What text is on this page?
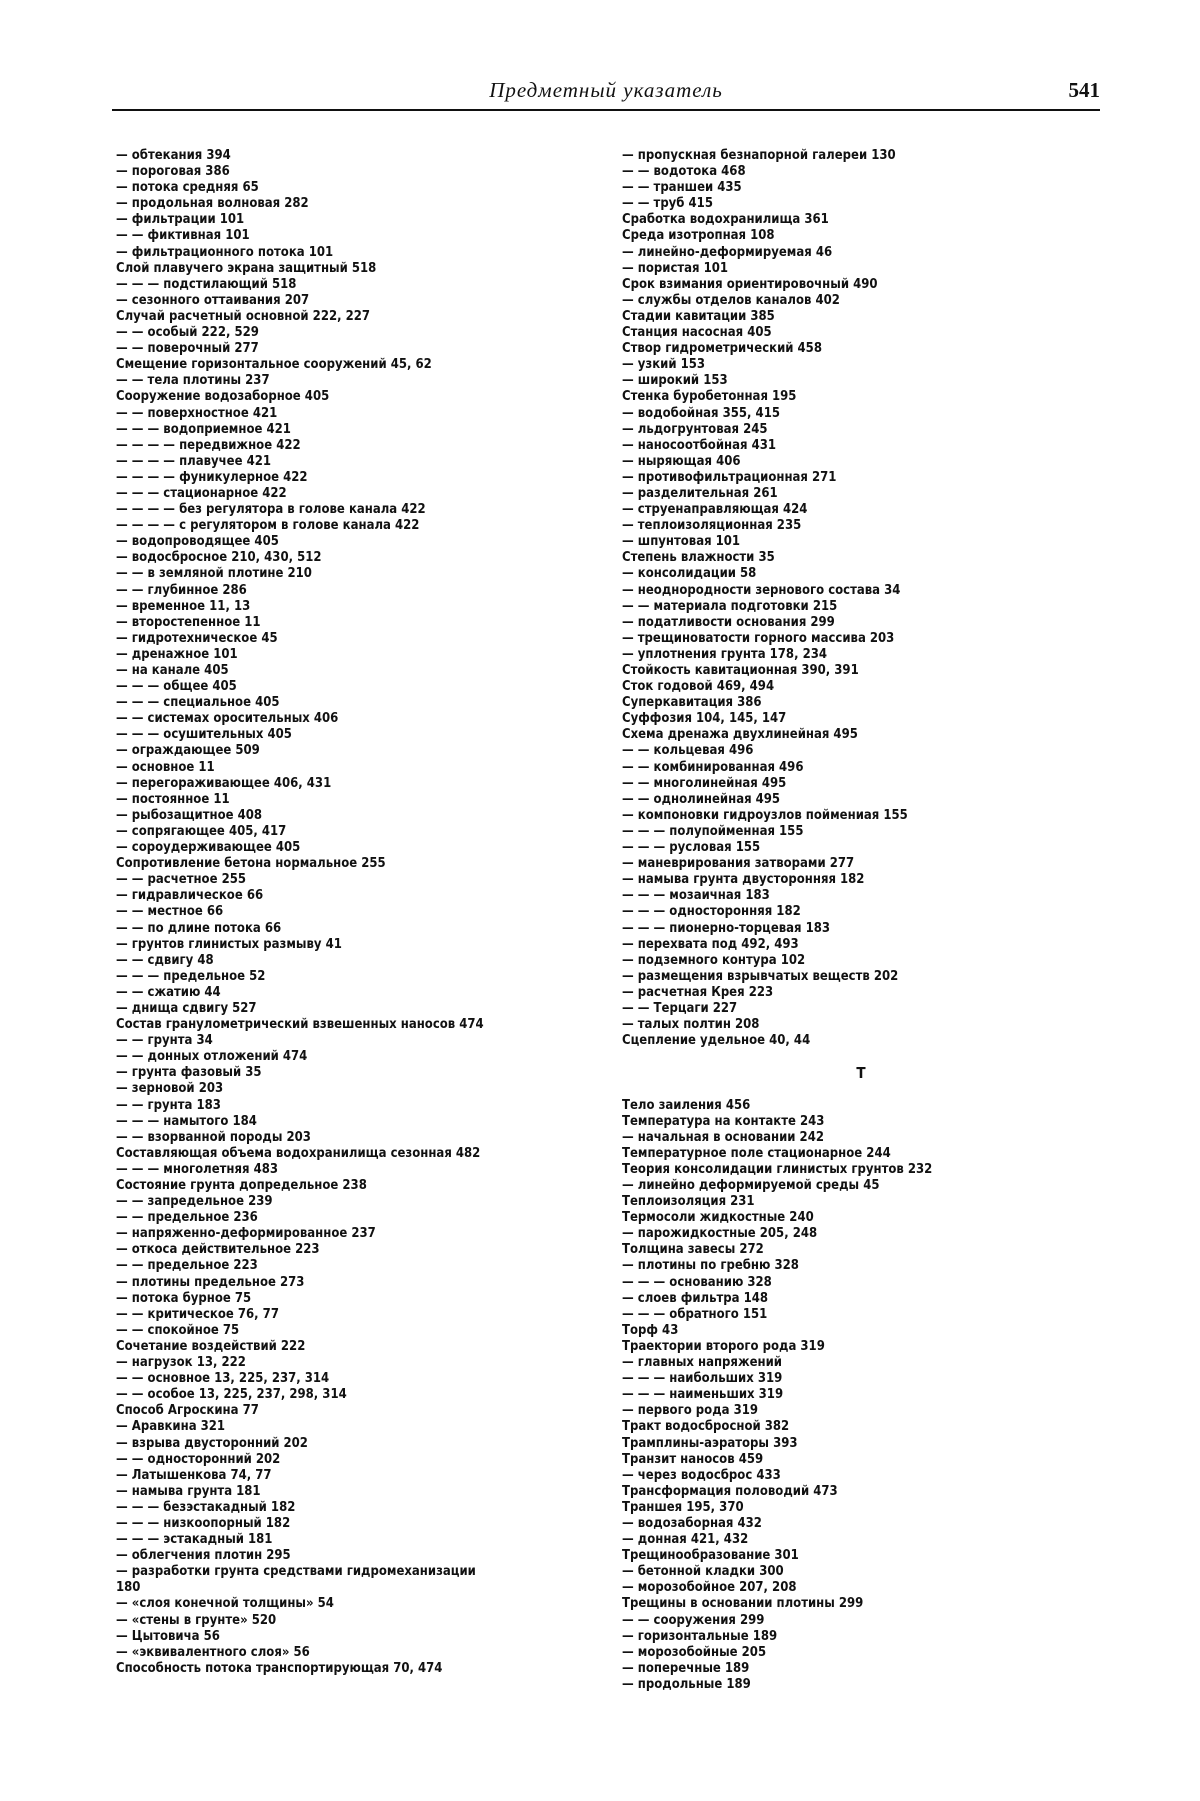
Предметный указатель	541
— обтекания 394
— пороговая 386
— потока средняя 65
— продольная волновая 282
— фильтрации 101
— — фиктивная 101
— фильтрационного потока 101
Слой плавучего экрана защитный 518
— — — подстилающий 518
— сезонного оттаивания 207
Случай расчетный основной 222, 227
— — особый 222, 529
— — поверочный 277
Смещение горизонтальное сооружений 45, 62
— — тела плотины 237
Сооружение водозаборное 405
— — поверхностное 421
— — — водоприемное 421
— — — — передвижное 422
— — — — плавучее 421
— — — — фуникулерное 422
— — — стационарное 422
— — — — без регулятора в голове канала 422
— — — — с регулятором в голове канала 422
— водопроводящее 405
— водосбросное 210, 430, 512
— — в земляной плотине 210
— — глубинное 286
— временное 11, 13
— второстепенное 11
— гидротехническое 45
— дренажное 101
— на канале 405
— — — общее 405
— — — специальное 405
— — системах оросительных 406
— — — осушительных 405
— ограждающее 509
— основное 11
— перегораживающее 406, 431
— постоянное 11
— рыбозащитное 408
— сопрягающее 405, 417
— сороудерживающее 405
Сопротивление бетона нормальное 255
— — расчетное 255
— гидравлическое 66
— — местное 66
— — по длине потока 66
— грунтов глинистых размыву 41
— — сдвигу 48
— — — предельное 52
— — сжатию 44
— днища сдвигу 527
Состав гранулометрический взвешенных наносов 474
— — грунта 34
— — донных отложений 474
— грунта фазовый 35
— зерновой 203
— — грунта 183
— — — намытого 184
— — взорванной породы 203
Составляющая объема водохранилища сезонная 482
— — — многолетняя 483
Состояние грунта допредельное 238
— — запредельное 239
— — предельное 236
— напряженно-деформированное 237
— откоса действительное 223
— — предельное 223
— плотины предельное 273
— потока бурное 75
— — критическое 76, 77
— — спокойное 75
Сочетание воздействий 222
— нагрузок 13, 222
— — основное 13, 225, 237, 314
— — особое 13, 225, 237, 298, 314
Способ Агроскина 77
— Аравкина 321
— взрыва двусторонний 202
— — односторонний 202
— Латышенкова 74, 77
— намыва грунта 181
— — — безэстакадный 182
— — — низкоопорный 182
— — — эстакадный 181
— облегчения плотин 295
— разработки грунта средствами гидромеханизации
180
— «слоя конечной толщины» 54
— «стены в грунте» 520
— Цытовича 56
— «эквивалентного слоя» 56
Способность потока транспортирующая 70, 474
— пропускная безнапорной галереи 130
— — водотока 468
— — траншеи 435
— — труб 415
Сработка водохранилища 361
Среда изотропная 108
— линейно-деформируемая 46
— пористая 101
Срок взимания ориентировочный 490
— службы отделов каналов 402
Стадии кавитации 385
Станция насосная 405
Створ гидрометрический 458
— узкий 153
— широкий 153
Стенка буробетонная 195
— водобойная 355, 415
— льдогрунтовая 245
— наносоотбойная 431
— ныряющая 406
— противофильтрационная 271
— разделительная 261
— струенаправляющая 424
— теплоизоляционная 235
— шпунтовая 101
Степень влажности 35
— консолидации 58
— неоднородности зернового состава 34
— — материала подготовки 215
— податливости основания 299
— трещиноватости горного массива 203
— уплотнения грунта 178, 234
Стойкость кавитационная 390, 391
Сток годовой 469, 494
Суперкавитация 386
Суффозия 104, 145, 147
Схема дренажа двухлинейная 495
— — кольцевая 496
— — комбинированная 496
— — многолинейная 495
— — однолинейная 495
— компоновки гидроузлов поймениая 155
— — — полупойменная 155
— — — русловая 155
— маневрирования затворами 277
— намыва грунта двусторонняя 182
— — — мозаичная 183
— — — односторонняя 182
— — — пионерно-торцевая 183
— перехвата под 492, 493
— подземного контура 102
— размещения взрывчатых веществ 202
— расчетная Крея 223
— — Терцаги 227
— талых полтин 208
Сцепление удельное 40, 44
Т
Тело заиления 456
Температура на контакте 243
— начальная в основании 242
Температурное поле стационарное 244
Теория консолидации глинистых грунтов 232
— линейно деформируемой среды 45
Теплоизоляция 231
Термосоли жидкостные 240
— парожидкостные 205, 248
Толщина завесы 272
— плотины по гребню 328
— — — основанию 328
— слоев фильтра 148
— — — обратного 151
Торф 43
Траектории второго рода 319
— главных напряжений
— — — наибольших 319
— — — наименьших 319
— первого рода 319
Тракт водосбросной 382
Трамплины-аэраторы 393
Транзит наносов 459
— через водосброс 433
Трансформация половодий 473
Траншея 195, 370
— водозаборная 432
— донная 421, 432
Трещинообразование 301
— бетонной кладки 300
— морозобойное 207, 208
Трещины в основании плотины 299
— — сооружения 299
— горизонтальные 189
— морозобойные 205
— поперечные 189
— продольные 189
